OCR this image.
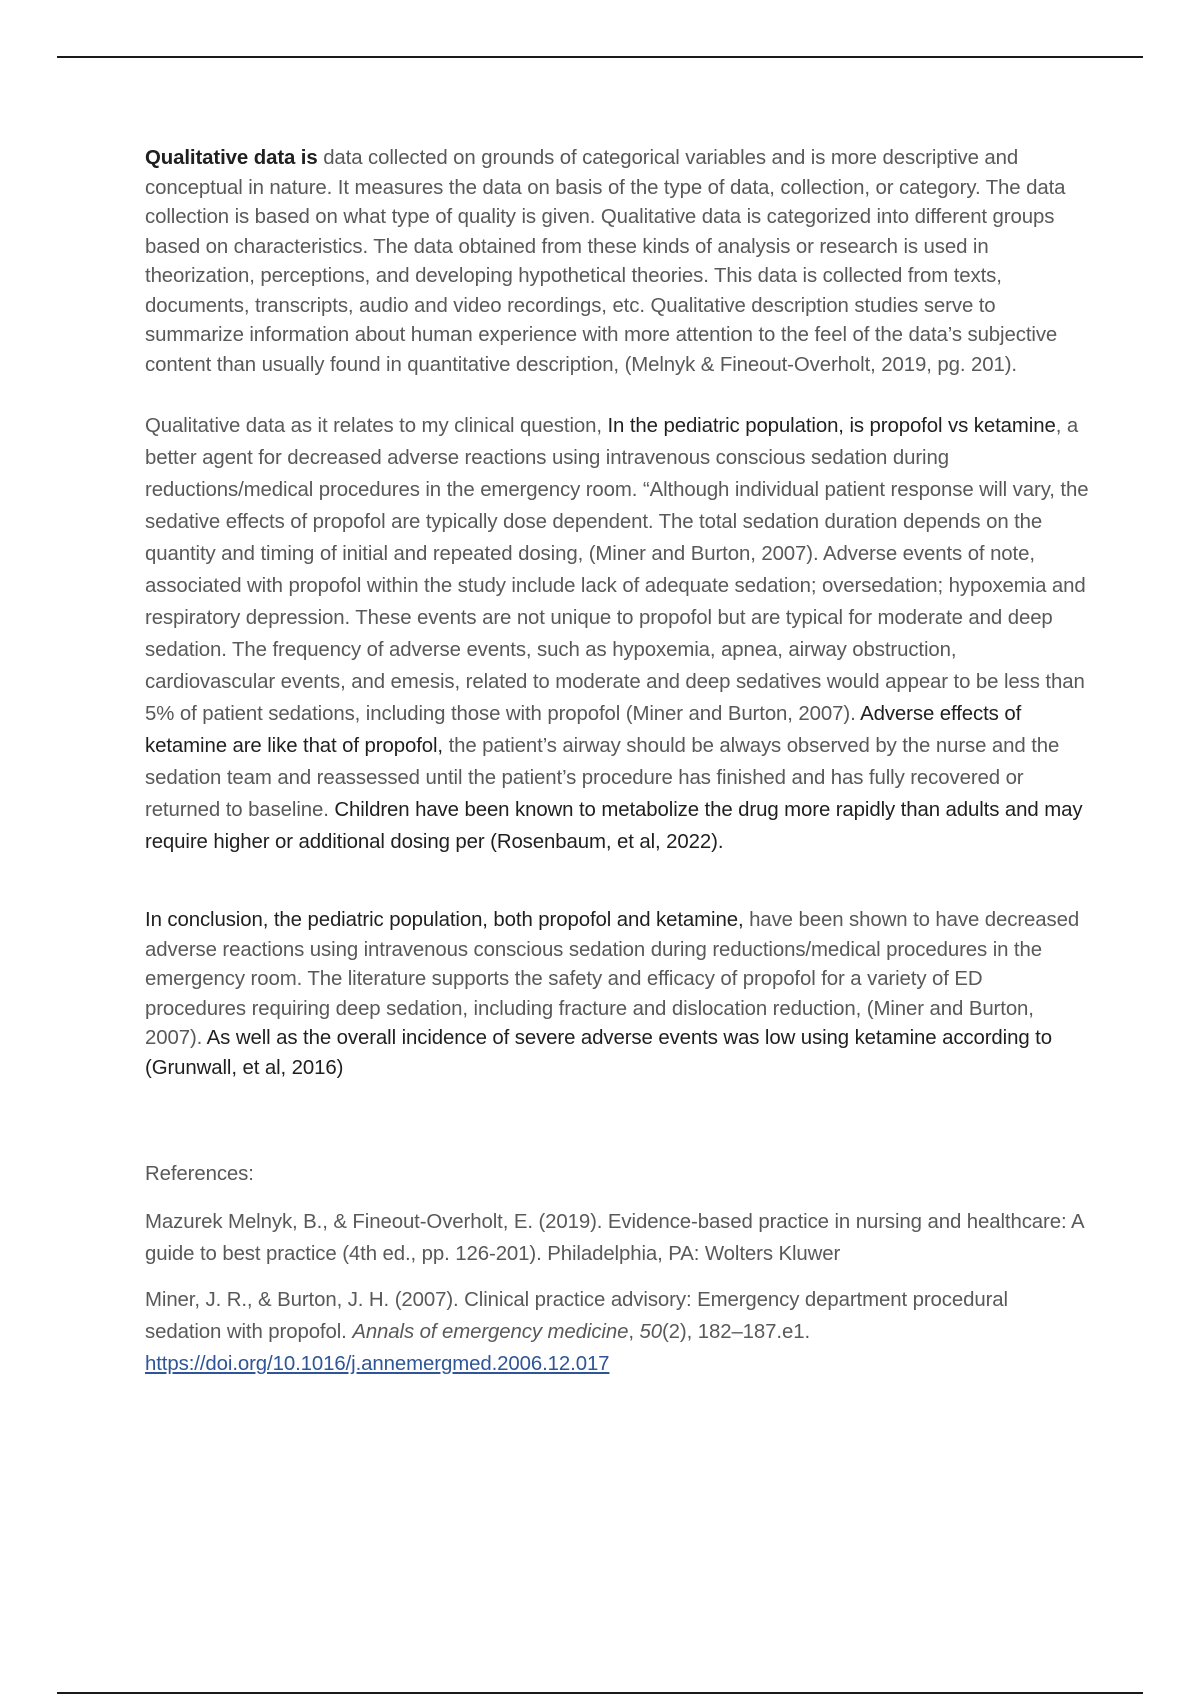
Qualitative data is data collected on grounds of categorical variables and is more descriptive and conceptual in nature. It measures the data on basis of the type of data, collection, or category. The data collection is based on what type of quality is given. Qualitative data is categorized into different groups based on characteristics. The data obtained from these kinds of analysis or research is used in theorization, perceptions, and developing hypothetical theories. This data is collected from texts, documents, transcripts, audio and video recordings, etc. Qualitative description studies serve to summarize information about human experience with more attention to the feel of the data’s subjective content than usually found in quantitative description, (Melnyk & Fineout-Overholt, 2019, pg. 201).

Qualitative data as it relates to my clinical question, In the pediatric population, is propofol vs ketamine, a better agent for decreased adverse reactions using intravenous conscious sedation during reductions/medical procedures in the emergency room. “Although individual patient response will vary, the sedative effects of propofol are typically dose dependent. The total sedation duration depends on the quantity and timing of initial and repeated dosing, (Miner and Burton, 2007). Adverse events of note, associated with propofol within the study include lack of adequate sedation; oversedation; hypoxemia and respiratory depression. These events are not unique to propofol but are typical for moderate and deep sedation. The frequency of adverse events, such as hypoxemia, apnea, airway obstruction, cardiovascular events, and emesis, related to moderate and deep sedatives would appear to be less than 5% of patient sedations, including those with propofol (Miner and Burton, 2007). Adverse effects of ketamine are like that of propofol, the patient’s airway should be always observed by the nurse and the sedation team and reassessed until the patient’s procedure has finished and has fully recovered or returned to baseline. Children have been known to metabolize the drug more rapidly than adults and may require higher or additional dosing per (Rosenbaum, et al, 2022).

In conclusion, the pediatric population, both propofol and ketamine, have been shown to have decreased adverse reactions using intravenous conscious sedation during reductions/medical procedures in the emergency room. The literature supports the safety and efficacy of propofol for a variety of ED procedures requiring deep sedation, including fracture and dislocation reduction, (Miner and Burton, 2007). As well as the overall incidence of severe adverse events was low using ketamine according to (Grunwall, et al, 2016)

References:

Mazurek Melnyk, B., & Fineout-Overholt, E. (2019). Evidence-based practice in nursing and healthcare: A guide to best practice (4th ed., pp. 126-201). Philadelphia, PA: Wolters Kluwer

Miner, J. R., & Burton, J. H. (2007). Clinical practice advisory: Emergency department procedural sedation with propofol. Annals of emergency medicine, 50(2), 182–187.e1.
https://doi.org/10.1016/j.annemergmed.2006.12.017
